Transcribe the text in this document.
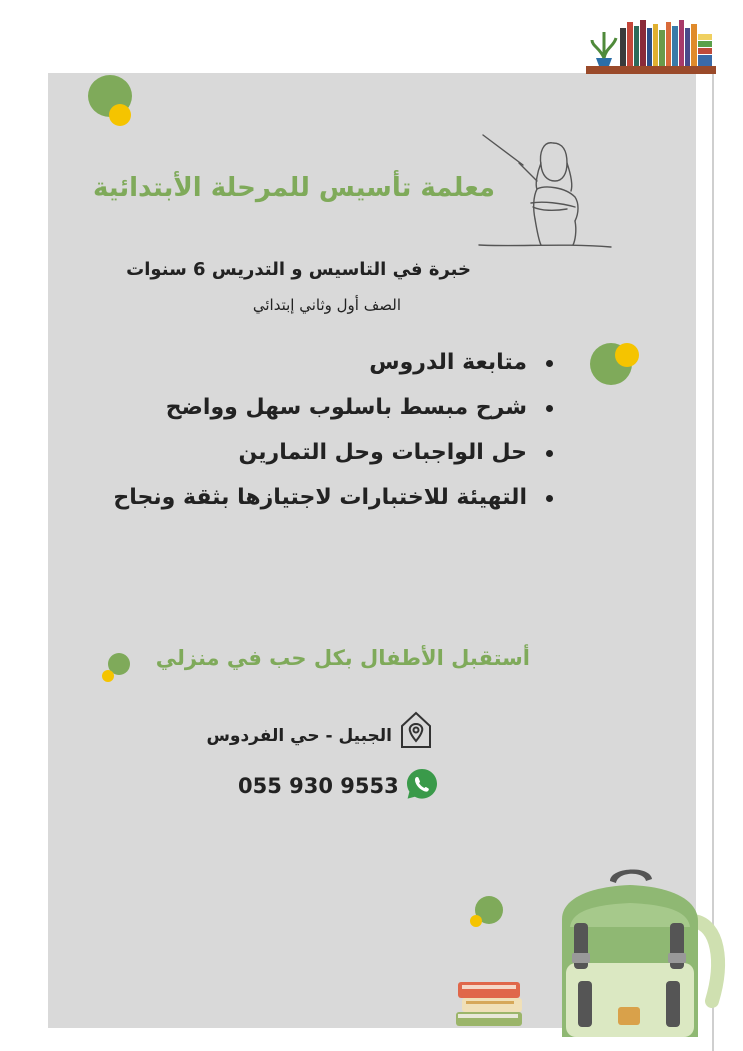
معلمة تأسيس للمرحلة الأبتدائية
خبرة في التاسيس و التدريس 6 سنوات
الصف أول وثاني إبتدائي
متابعة الدروس
شرح مبسط باسلوب سهل وواضح
حل الواجبات وحل التمارين
التهيئة للاختبارات لاجتيازها بثقة ونجاح
أستقبل الأطفال بكل حب في منزلي
الجبيل - حي الفردوس
055 930 9553
